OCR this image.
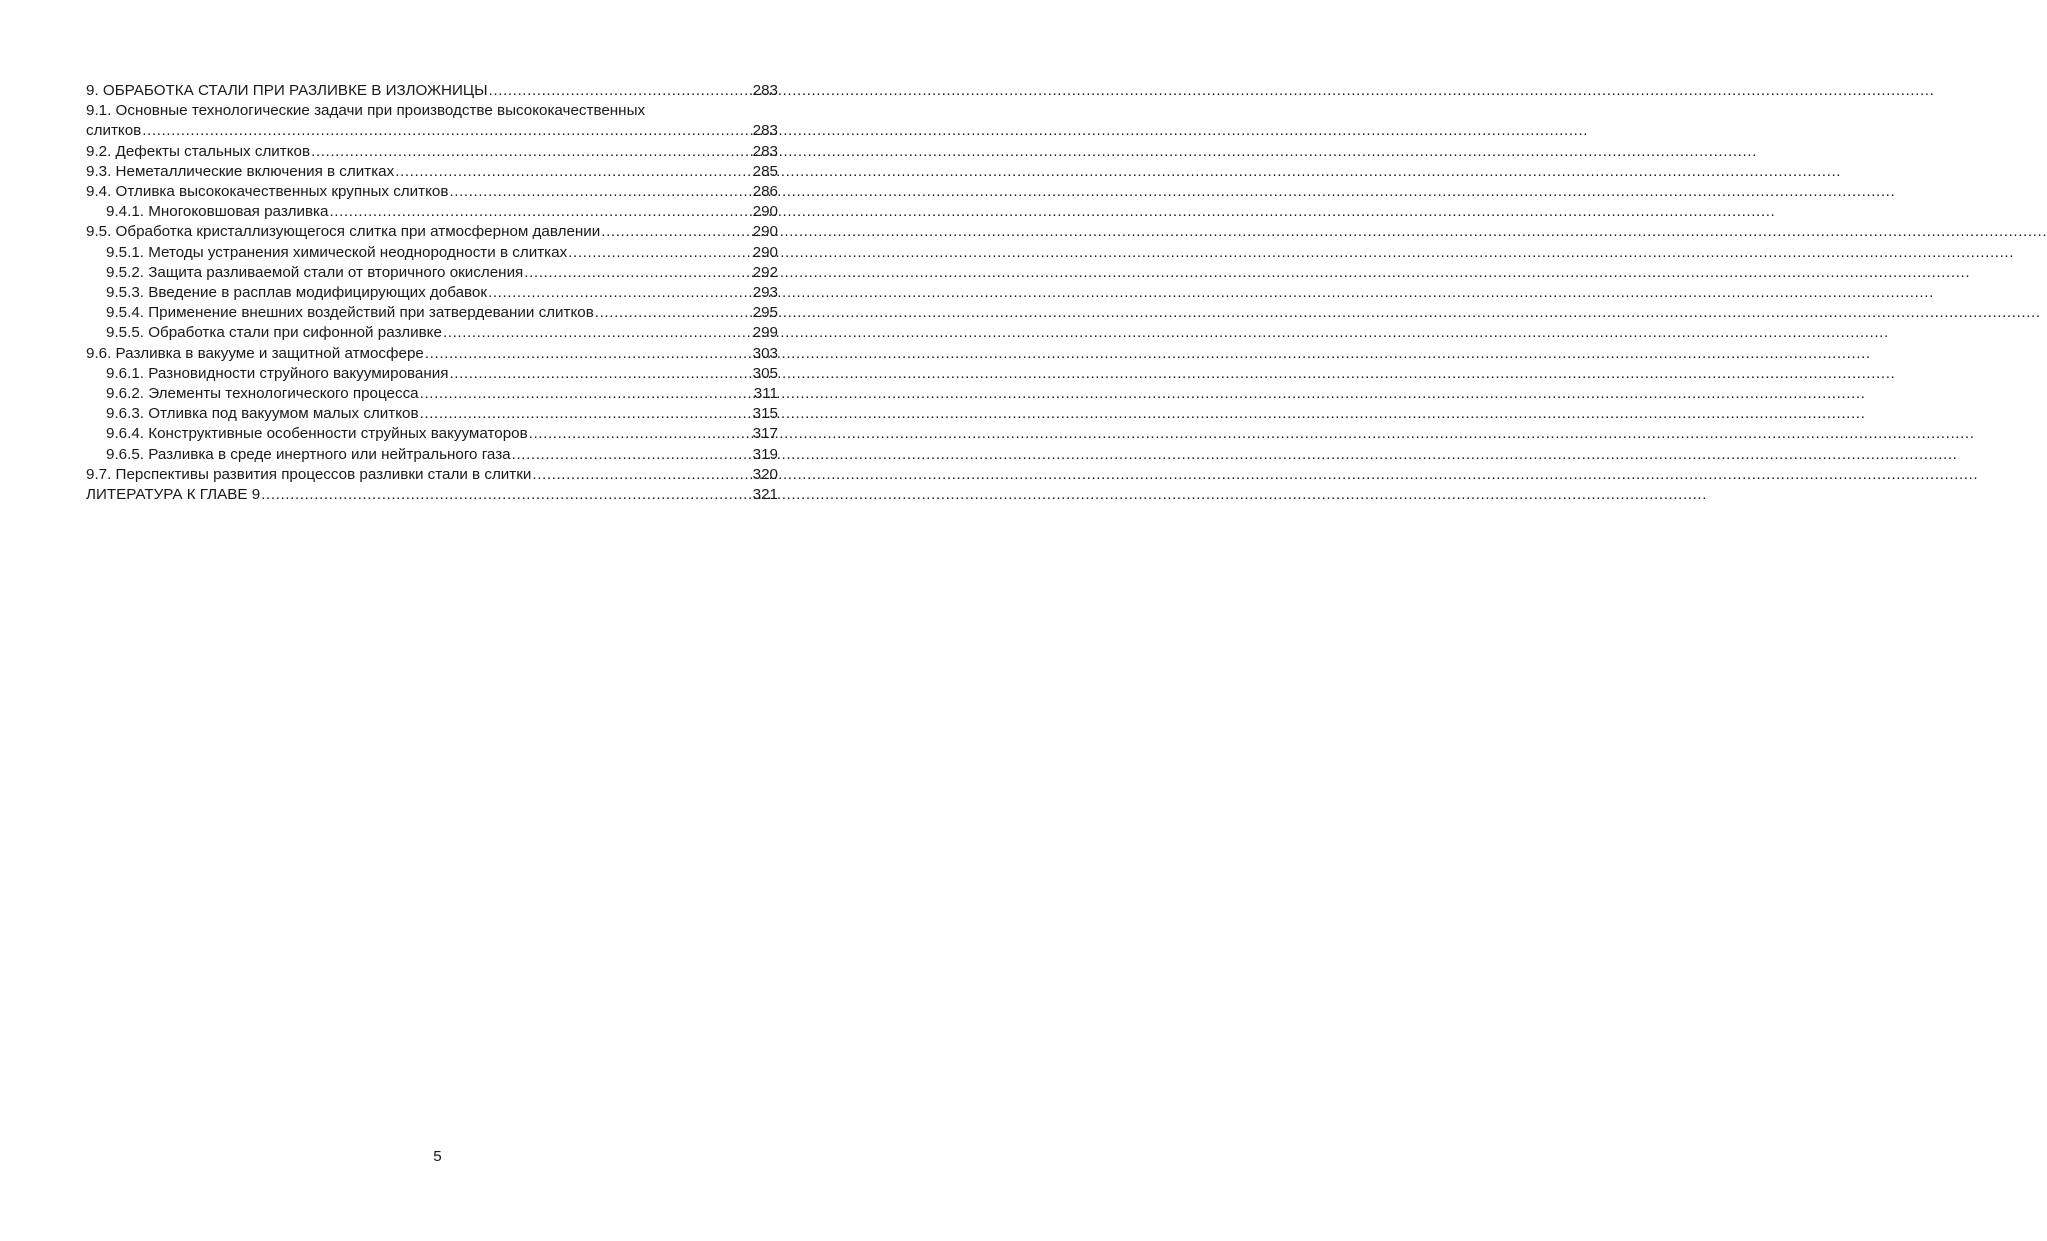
9. ОБРАБОТКА СТАЛИ ПРИ РАЗЛИВКЕ В ИЗЛОЖНИЦЫ .....	283
9.1. Основные технологические задачи при производстве высококачественных
слитков .....	283
9.2. Дефекты стальных слитков .....	283
9.3. Неметаллические включения в слитках .....	285
9.4. Отливка высококачественных крупных слитков .....	286
9.4.1. Многоковшовая разливка .....	290
9.5. Обработка кристаллизующегося слитка при атмосферном давлении .....	290
9.5.1. Методы устранения химической неоднородности в слитках .....	290
9.5.2. Защита разливаемой стали от вторичного окисления .....	292
9.5.3. Введение в расплав модифицирующих добавок .....	293
9.5.4. Применение внешних воздействий при затвердевании слитков .....	295
9.5.5. Обработка стали при сифонной разливке .....	299
9.6. Разливка в вакууме и защитной атмосфере .....	303
9.6.1. Разновидности струйного вакуумирования .....	305
9.6.2. Элементы технологического процесса .....	311
9.6.3. Отливка под вакуумом малых слитков .....	315
9.6.4. Конструктивные особенности струйных вакууматоров .....	317
9.6.5. Разливка в среде инертного или нейтрального газа .....	319
9.7. Перспективы развития процессов разливки стали в слитки .....	320
ЛИТЕРАТУРА К ГЛАВЕ 9 .....	321
5
